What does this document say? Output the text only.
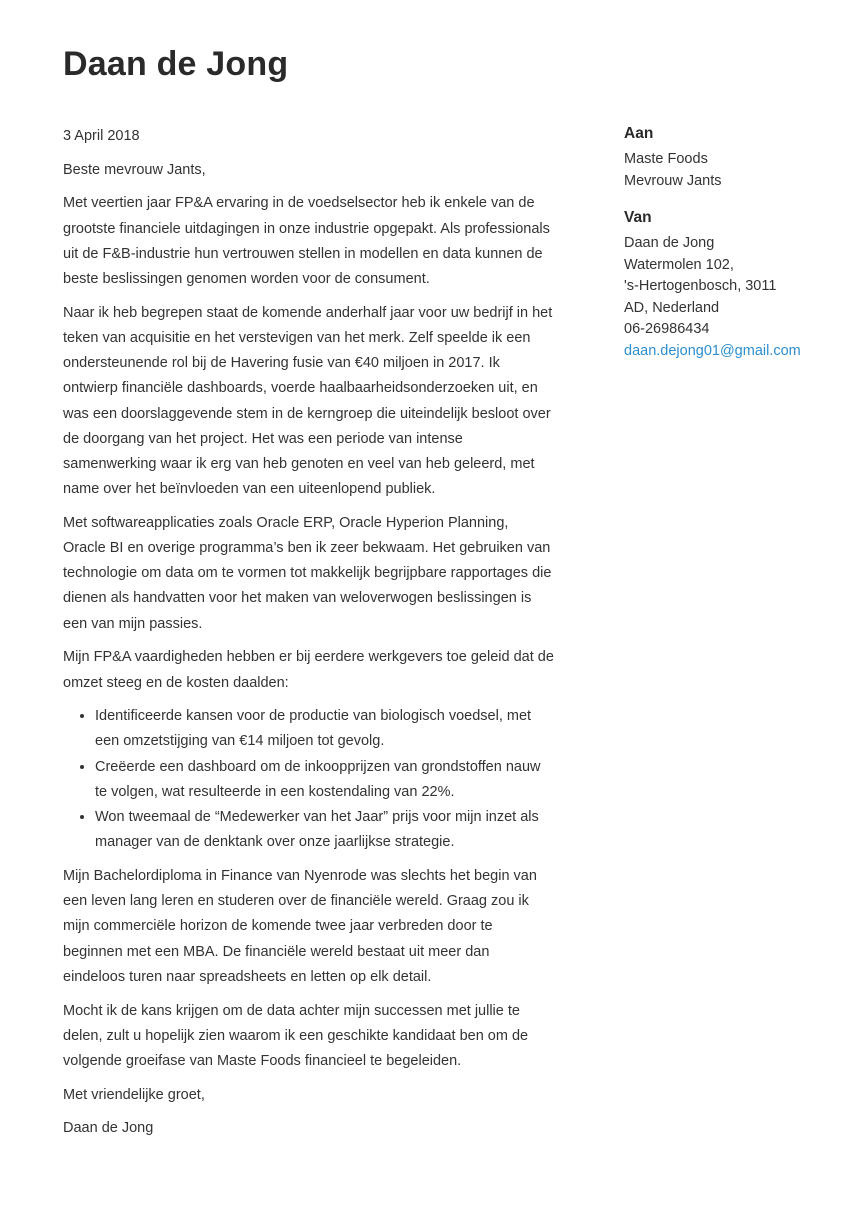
Daan de Jong

3 April 2018

Beste mevrouw Jants,

Met veertien jaar FP&A ervaring in de voedselsector heb ik enkele van de grootste financiele uitdagingen in onze industrie opgepakt. Als professionals uit de F&B-industrie hun vertrouwen stellen in modellen en data kunnen de beste beslissingen genomen worden voor de consument.

Naar ik heb begrepen staat de komende anderhalf jaar voor uw bedrijf in het teken van acquisitie en het verstevigen van het merk. Zelf speelde ik een ondersteunende rol bij de Havering fusie van €40 miljoen in 2017. Ik ontwierp financiële dashboards, voerde haalbaarheidsonderzoeken uit, en was een doorslaggevende stem in de kerngroep die uiteindelijk besloot over de doorgang van het project. Het was een periode van intense samenwerking waar ik erg van heb genoten en veel van heb geleerd, met name over het beïnvloeden van een uiteenlopend publiek.

Met softwareapplicaties zoals Oracle ERP, Oracle Hyperion Planning, Oracle BI en overige programma’s ben ik zeer bekwaam. Het gebruiken van technologie om data om te vormen tot makkelijk begrijpbare rapportages die dienen als handvatten voor het maken van weloverwogen beslissingen is een van mijn passies.

Mijn FP&A vaardigheden hebben er bij eerdere werkgevers toe geleid dat de omzet steeg en de kosten daalden:

• Identificeerde kansen voor de productie van biologisch voedsel, met een omzetstijging van €14 miljoen tot gevolg.
• Creëerde een dashboard om de inkoopprijzen van grondstoffen nauw te volgen, wat resulteerde in een kostendaling van 22%.
• Won tweemaal de “Medewerker van het Jaar” prijs voor mijn inzet als manager van de denktank over onze jaarlijkse strategie.

Mijn Bachelordiploma in Finance van Nyenrode was slechts het begin van een leven lang leren en studeren over de financiële wereld. Graag zou ik mijn commerciële horizon de komende twee jaar verbreden door te beginnen met een MBA. De financiële wereld bestaat uit meer dan eindeloos turen naar spreadsheets en letten op elk detail.

Mocht ik de kans krijgen om de data achter mijn successen met jullie te delen, zult u hopelijk zien waarom ik een geschikte kandidaat ben om de volgende groeifase van Maste Foods financieel te begeleiden.

Met vriendelijke groet,

Daan de Jong

Aan
Maste Foods
Mevrouw Jants
Van
Daan de Jong
Watermolen 102,
's-Hertogenbosch, 3011
AD, Nederland
06-26986434
daan.dejong01@gmail.com
